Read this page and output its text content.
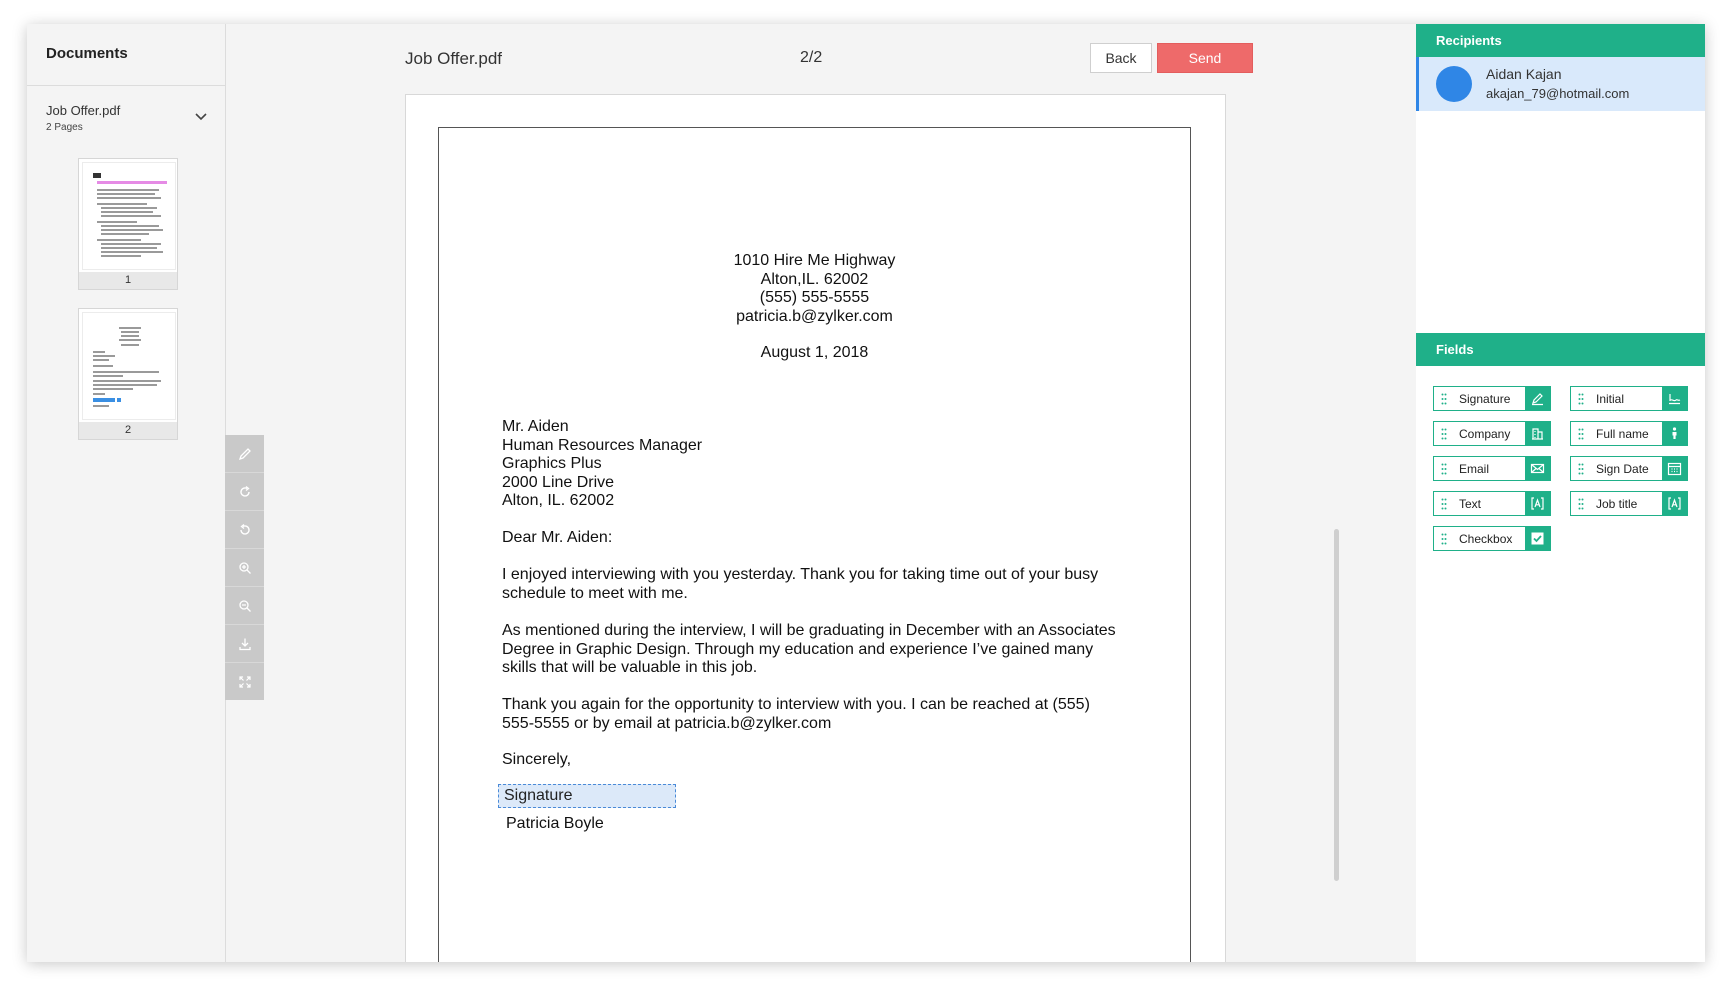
Documents
Job Offer.pdf
2 Pages
1
2
Job Offer.pdf	2/2	Back	Send
1010 Hire Me Highway
Alton,IL. 62002
(555) 555-5555
patricia.b@zylker.com
August 1, 2018
Mr. Aiden
Human Resources Manager
Graphics Plus
2000 Line Drive
Alton, IL. 62002
Dear Mr. Aiden:
I enjoyed interviewing with you yesterday. Thank you for taking time out of your busy
schedule to meet with me.
As mentioned during the interview, I will be graduating in December with an Associates
Degree in Graphic Design. Through my education and experience I’ve gained many
skills that will be valuable in this job.
Thank you again for the opportunity to interview with you. I can be reached at (555)
555-5555 or by email at patricia.b@zylker.com
Sincerely,
Signature
Patricia Boyle
Recipients
Aidan Kajan
akajan_79@hotmail.com
Fields
Signature	Initial
Company	Full name
Email	Sign Date
Text	Job title
Checkbox
